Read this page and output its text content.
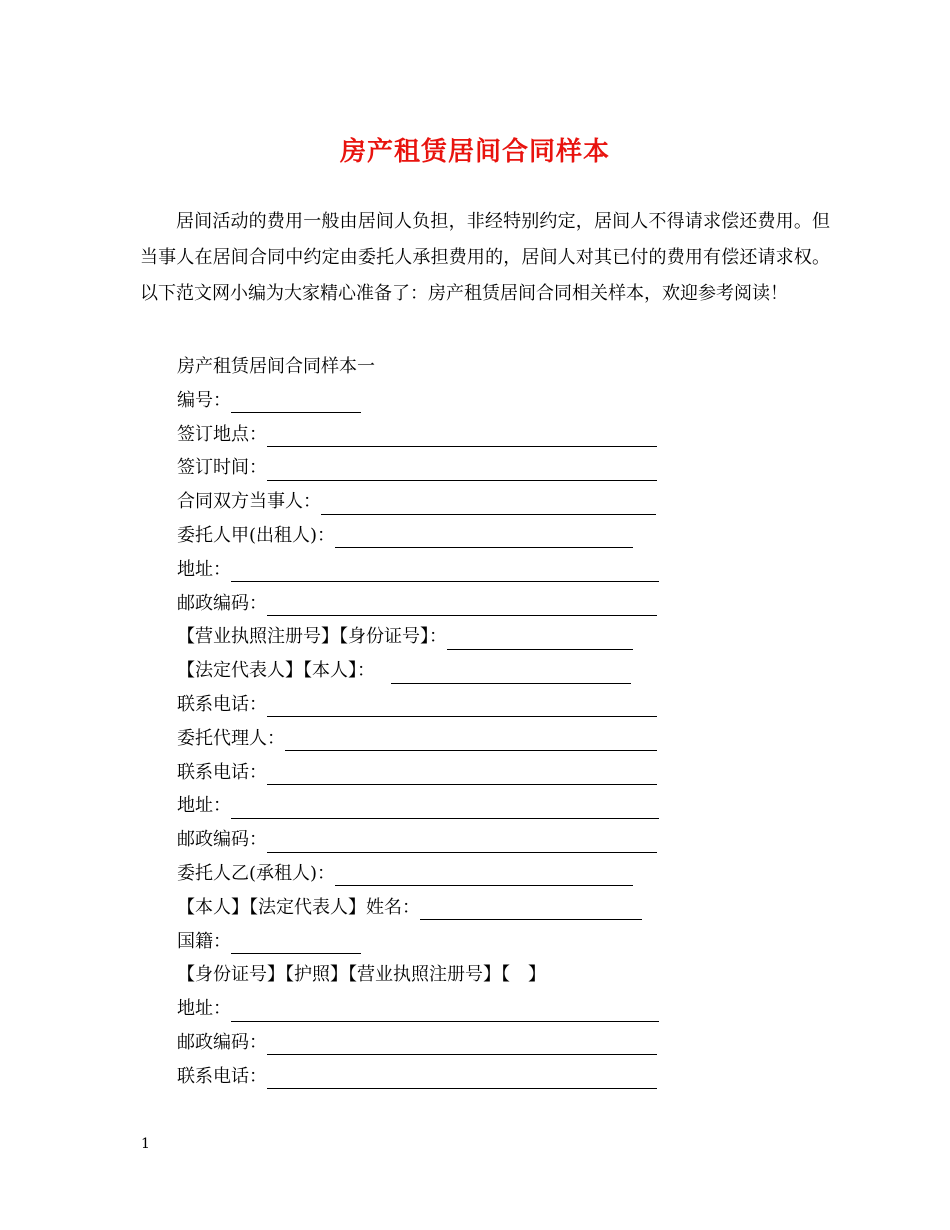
房产租赁居间合同样本

居间活动的费用一般由居间人负担，非经特别约定，居间人不得请求偿还费用。但当事人在居间合同中约定由委托人承担费用的，居间人对其已付的费用有偿还请求权。以下范文网小编为大家精心准备了：房产租赁居间合同相关样本，欢迎参考阅读！

房产租赁居间合同样本一
编号：
签订地点：
签订时间：
合同双方当事人：
委托人甲(出租人)：
地址：
邮政编码：
【营业执照注册号】【身份证号】：
【法定代表人】【本人】：
联系电话：
委托代理人：
联系电话：
地址：
邮政编码：
委托人乙(承租人)：
【本人】【法定代表人】姓名：
国籍：
【身份证号】【护照】【营业执照注册号】【　】
地址：
邮政编码：
联系电话：
1
